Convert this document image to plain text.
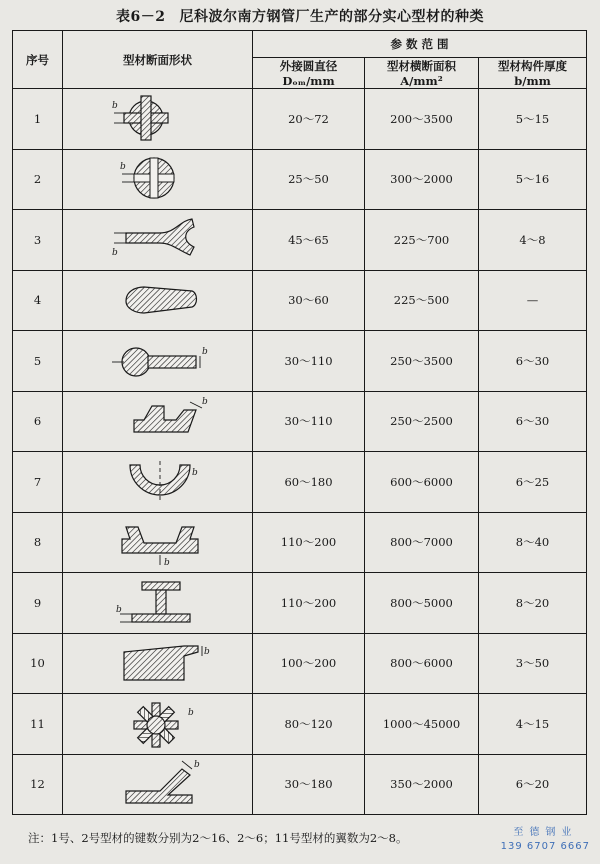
表6－2 尼科波尔南方钢管厂生产的部分实心型材的种类
序号	型材断面形状	参 数 范 围		
		外接圆直径 Dₒₘ/mm	型材横断面积 A/mm²	型材构件厚度 b/mm
1	b	20～72	200～3500	5～15
2	b	25～50	300～2000	5～16
3	b	45～65	225～700	4～8
4		30～60	225～500	—
5	b	30～110	250～3500	6～30
6	b	30～110	250～2500	6～30
7	b	60～180	600～6000	6～25
8	b	110～200	800～7000	8～40
9	b	110～200	800～5000	8～20
10	b	100～200	800～6000	3～50
11	b	80～120	1000～45000	4～15
12	b	30～180	350～2000	6～20
注：1号、2号型材的键数分别为2～16、2～6；11号型材的翼数为2～8。	至德钢业
139 6707 6667
